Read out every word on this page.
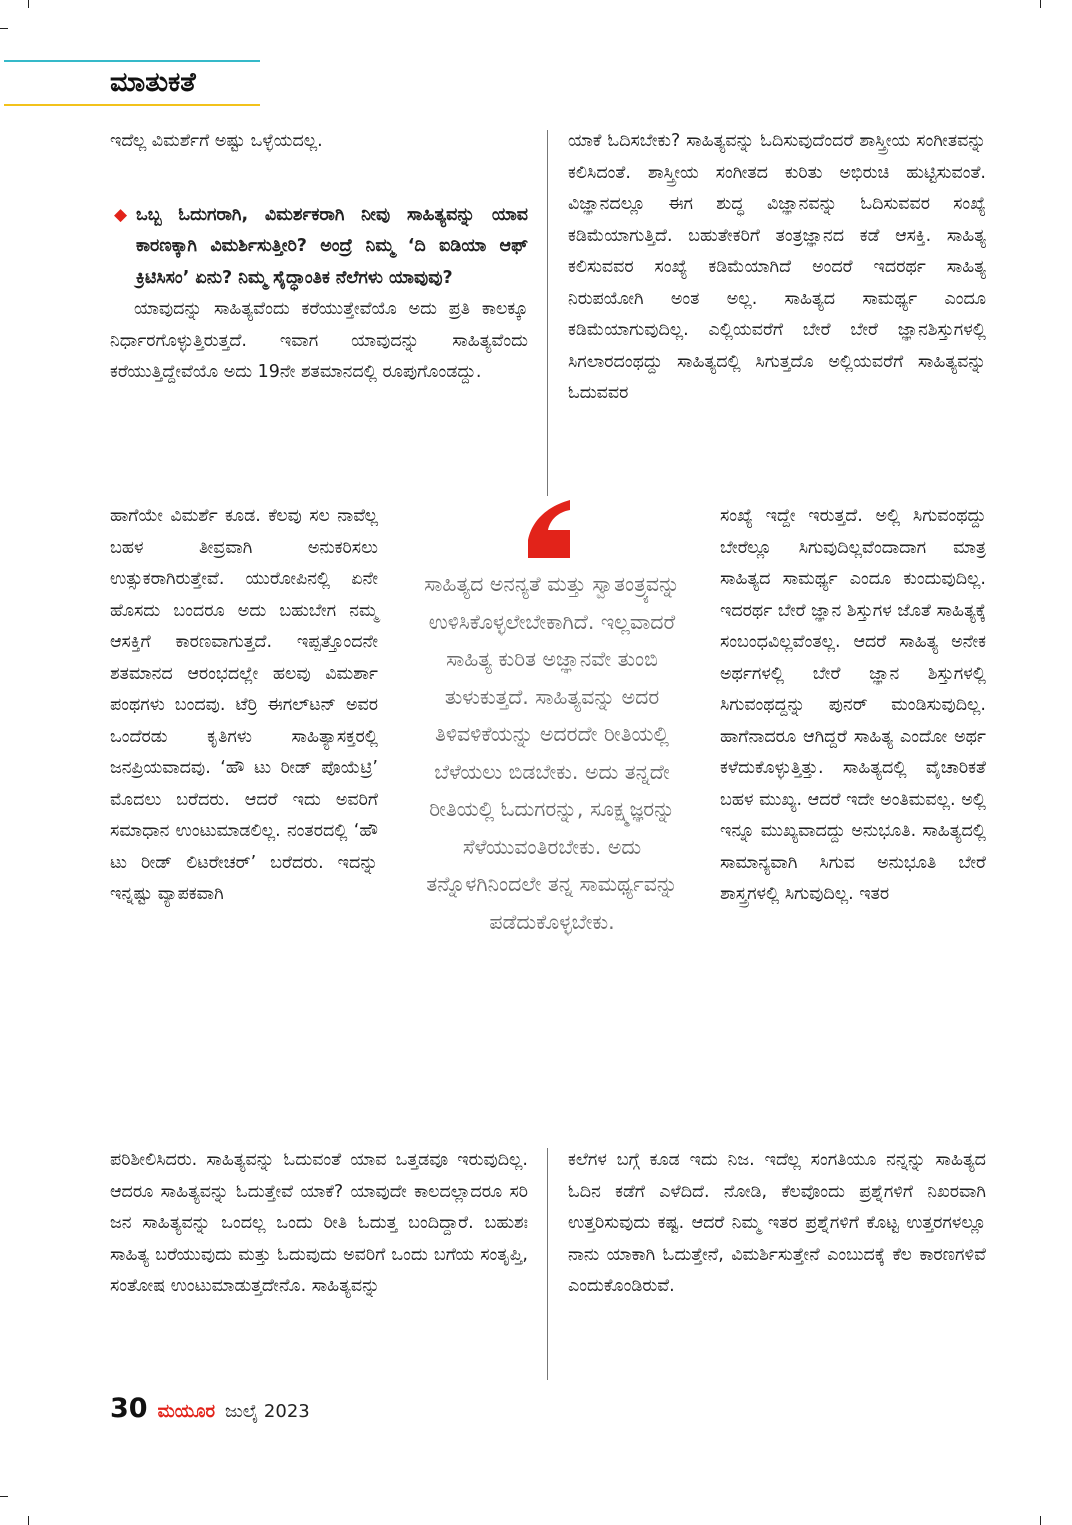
ಮಾತುಕತೆ

ಇದೆಲ್ಲ ವಿಮರ್ಶೆಗೆ ಅಷ್ಟು ಒಳ್ಳೆಯದಲ್ಲ.

◆ ಒಬ್ಬ ಓದುಗರಾಗಿ, ವಿಮರ್ಶಕರಾಗಿ ನೀವು ಸಾಹಿತ್ಯವನ್ನು ಯಾವ ಕಾರಣಕ್ಕಾಗಿ ವಿಮರ್ಶಿಸುತ್ತೀರಿ? ಅಂದ್ರೆ ನಿಮ್ಮ ‘ದಿ ಐಡಿಯಾ ಆಫ್ ಕ್ರಿಟಿಸಿಸಂ’ ಏನು? ನಿಮ್ಮ ಸೈದ್ಧಾಂತಿಕ ನೆಲೆಗಳು ಯಾವುವು?

ಯಾವುದನ್ನು ಸಾಹಿತ್ಯವೆಂದು ಕರೆಯುತ್ತೇವೆಯೊ ಅದು ಪ್ರತಿ ಕಾಲಕ್ಕೂ ನಿರ್ಧಾರಗೊಳ್ಳುತ್ತಿರುತ್ತದೆ. ಇವಾಗ ಯಾವುದನ್ನು ಸಾಹಿತ್ಯವೆಂದು ಕರೆಯುತ್ತಿದ್ದೇವೆಯೊ ಅದು 19ನೇ ಶತಮಾನದಲ್ಲಿ ರೂಪುಗೊಂಡದ್ದು.

ಹಾಗೆಯೇ ವಿಮರ್ಶೆ ಕೂಡ. ಕೆಲವು ಸಲ ನಾವೆಲ್ಲ ಬಹಳ ತೀವ್ರವಾಗಿ ಅನುಕರಿಸಲು ಉತ್ಸುಕರಾಗಿರುತ್ತೇವೆ. ಯುರೋಪಿನಲ್ಲಿ ಏನೇ ಹೊಸದು ಬಂದರೂ ಅದು ಬಹುಬೇಗ ನಮ್ಮ ಆಸಕ್ತಿಗೆ ಕಾರಣವಾಗುತ್ತದೆ. ಇಪ್ಪತ್ತೊಂದನೇ ಶತಮಾನದ ಆರಂಭದಲ್ಲೇ ಹಲವು ವಿಮರ್ಶಾ ಪಂಥಗಳು ಬಂದವು. ಟೆರ್ರಿ ಈಗಲ್‌ಟನ್ ಅವರ ಒಂದೆರಡು ಕೃತಿಗಳು ಸಾಹಿತ್ಯಾಸಕ್ತರಲ್ಲಿ ಜನಪ್ರಿಯವಾದವು. ‘ಹೌ ಟು ರೀಡ್ ಪೊಯೆಟ್ರಿ’ ಮೊದಲು ಬರೆದರು. ಆದರೆ ಇದು ಅವರಿಗೆ ಸಮಾಧಾನ ಉಂಟುಮಾಡಲಿಲ್ಲ. ನಂತರದಲ್ಲಿ ‘ಹೌ ಟು ರೀಡ್ ಲಿಟರೇಚರ್’ ಬರೆದರು. ಇದನ್ನು ಇನ್ನಷ್ಟು ವ್ಯಾಪಕವಾಗಿ

ಪರಿಶೀಲಿಸಿದರು. ಸಾಹಿತ್ಯವನ್ನು ಓದುವಂತೆ ಯಾವ ಒತ್ತಡವೂ ಇರುವುದಿಲ್ಲ. ಆದರೂ ಸಾಹಿತ್ಯವನ್ನು ಓದುತ್ತೇವೆ ಯಾಕೆ? ಯಾವುದೇ ಕಾಲದಲ್ಲಾದರೂ ಸರಿ ಜನ ಸಾಹಿತ್ಯವನ್ನು ಒಂದಲ್ಲ ಒಂದು ರೀತಿ ಓದುತ್ತ ಬಂದಿದ್ದಾರೆ. ಬಹುಶಃ ಸಾಹಿತ್ಯ ಬರೆಯುವುದು ಮತ್ತು ಓದುವುದು ಅವರಿಗೆ ಒಂದು ಬಗೆಯ ಸಂತೃಪ್ತಿ, ಸಂತೋಷ ಉಂಟುಮಾಡುತ್ತದೇನೊ. ಸಾಹಿತ್ಯವನ್ನು

ಯಾಕೆ ಓದಿಸಬೇಕು? ಸಾಹಿತ್ಯವನ್ನು ಓದಿಸುವುದೆಂದರೆ ಶಾಸ್ತ್ರೀಯ ಸಂಗೀತವನ್ನು ಕಲಿಸಿದಂತೆ. ಶಾಸ್ತ್ರೀಯ ಸಂಗೀತದ ಕುರಿತು ಅಭಿರುಚಿ ಹುಟ್ಟಿಸುವಂತೆ. ವಿಜ್ಞಾನದಲ್ಲೂ ಈಗ ಶುದ್ಧ ವಿಜ್ಞಾನವನ್ನು ಓದಿಸುವವರ ಸಂಖ್ಯೆ ಕಡಿಮೆಯಾಗುತ್ತಿದೆ. ಬಹುತೇಕರಿಗೆ ತಂತ್ರಜ್ಞಾನದ ಕಡೆ ಆಸಕ್ತಿ. ಸಾಹಿತ್ಯ ಕಲಿಸುವವರ ಸಂಖ್ಯೆ ಕಡಿಮೆಯಾಗಿದೆ ಅಂದರೆ ಇದರರ್ಥ ಸಾಹಿತ್ಯ ನಿರುಪಯೋಗಿ ಅಂತ ಅಲ್ಲ. ಸಾಹಿತ್ಯದ ಸಾಮರ್ಥ್ಯ ಎಂದೂ ಕಡಿಮೆಯಾಗುವುದಿಲ್ಲ. ಎಲ್ಲಿಯವರೆಗೆ ಬೇರೆ ಬೇರೆ ಜ್ಞಾನಶಿಸ್ತುಗಳಲ್ಲಿ ಸಿಗಲಾರದಂಥದ್ದು ಸಾಹಿತ್ಯದಲ್ಲಿ ಸಿಗುತ್ತದೊ ಅಲ್ಲಿಯವರೆಗೆ ಸಾಹಿತ್ಯವನ್ನು ಓದುವವರ

ಸಂಖ್ಯೆ ಇದ್ದೇ ಇರುತ್ತದೆ. ಅಲ್ಲಿ ಸಿಗುವಂಥದ್ದು ಬೇರೆಲ್ಲೂ ಸಿಗುವುದಿಲ್ಲವೆಂದಾದಾಗ ಮಾತ್ರ ಸಾಹಿತ್ಯದ ಸಾಮರ್ಥ್ಯ ಎಂದೂ ಕುಂದುವುದಿಲ್ಲ. ಇದರರ್ಥ ಬೇರೆ ಜ್ಞಾನ ಶಿಸ್ತುಗಳ ಜೊತೆ ಸಾಹಿತ್ಯಕ್ಕೆ ಸಂಬಂಧವಿಲ್ಲವೆಂತಲ್ಲ. ಆದರೆ ಸಾಹಿತ್ಯ ಅನೇಕ ಅರ್ಥಗಳಲ್ಲಿ ಬೇರೆ ಜ್ಞಾನ ಶಿಸ್ತುಗಳಲ್ಲಿ ಸಿಗುವಂಥದ್ದನ್ನು ಪುನರ್ ಮಂಡಿಸುವುದಿಲ್ಲ. ಹಾಗೆನಾದರೂ ಆಗಿದ್ದರೆ ಸಾಹಿತ್ಯ ಎಂದೋ ಅರ್ಥ ಕಳೆದುಕೊಳ್ಳುತ್ತಿತ್ತು. ಸಾಹಿತ್ಯದಲ್ಲಿ ವೈಚಾರಿಕತೆ ಬಹಳ ಮುಖ್ಯ. ಆದರೆ ಇದೇ ಅಂತಿಮವಲ್ಲ. ಅಲ್ಲಿ ಇನ್ನೂ ಮುಖ್ಯವಾದದ್ದು ಅನುಭೂತಿ. ಸಾಹಿತ್ಯದಲ್ಲಿ ಸಾಮಾನ್ಯವಾಗಿ ಸಿಗುವ ಅನುಭೂತಿ ಬೇರೆ ಶಾಸ್ತ್ರಗಳಲ್ಲಿ ಸಿಗುವುದಿಲ್ಲ. ಇತರ

ಕಲೆಗಳ ಬಗ್ಗೆ ಕೂಡ ಇದು ನಿಜ. ಇದೆಲ್ಲ ಸಂಗತಿಯೂ ನನ್ನನ್ನು ಸಾಹಿತ್ಯದ ಓದಿನ ಕಡೆಗೆ ಎಳೆದಿದೆ. ನೋಡಿ, ಕೆಲವೊಂದು ಪ್ರಶ್ನೆಗಳಿಗೆ ನಿಖರವಾಗಿ ಉತ್ತರಿಸುವುದು ಕಷ್ಟ. ಆದರೆ ನಿಮ್ಮ ಇತರ ಪ್ರಶ್ನೆಗಳಿಗೆ ಕೊಟ್ಟ ಉತ್ತರಗಳಲ್ಲೂ ನಾನು ಯಾಕಾಗಿ ಓದುತ್ತೇನೆ, ವಿಮರ್ಶಿಸುತ್ತೇನೆ ಎಂಬುದಕ್ಕೆ ಕೆಲ ಕಾರಣಗಳಿವೆ ಎಂದುಕೊಂಡಿರುವೆ.

ಸಾಹಿತ್ಯದ ಅನನ್ಯತೆ ಮತ್ತು ಸ್ವಾತಂತ್ರ್ಯವನ್ನು ಉಳಿಸಿಕೊಳ್ಳಲೇಬೇಕಾಗಿದೆ. ಇಲ್ಲವಾದರೆ ಸಾಹಿತ್ಯ ಕುರಿತ ಅಜ್ಞಾನವೇ ತುಂಬಿ ತುಳುಕುತ್ತದೆ. ಸಾಹಿತ್ಯವನ್ನು ಅದರ ತಿಳಿವಳಿಕೆಯನ್ನು ಅದರದೇ ರೀತಿಯಲ್ಲಿ ಬೆಳೆಯಲು ಬಿಡಬೇಕು. ಅದು ತನ್ನದೇ ರೀತಿಯಲ್ಲಿ ಓದುಗರನ್ನು, ಸೂಕ್ಷ್ಮಜ್ಞರನ್ನು ಸೆಳೆಯುವಂತಿರಬೇಕು. ಅದು ತನ್ನೊಳಗಿನಿಂದಲೇ ತನ್ನ ಸಾಮರ್ಥ್ಯವನ್ನು ಪಡೆದುಕೊಳ್ಳಬೇಕು.

30 ಮಯೂರ ಜುಲೈ 2023
